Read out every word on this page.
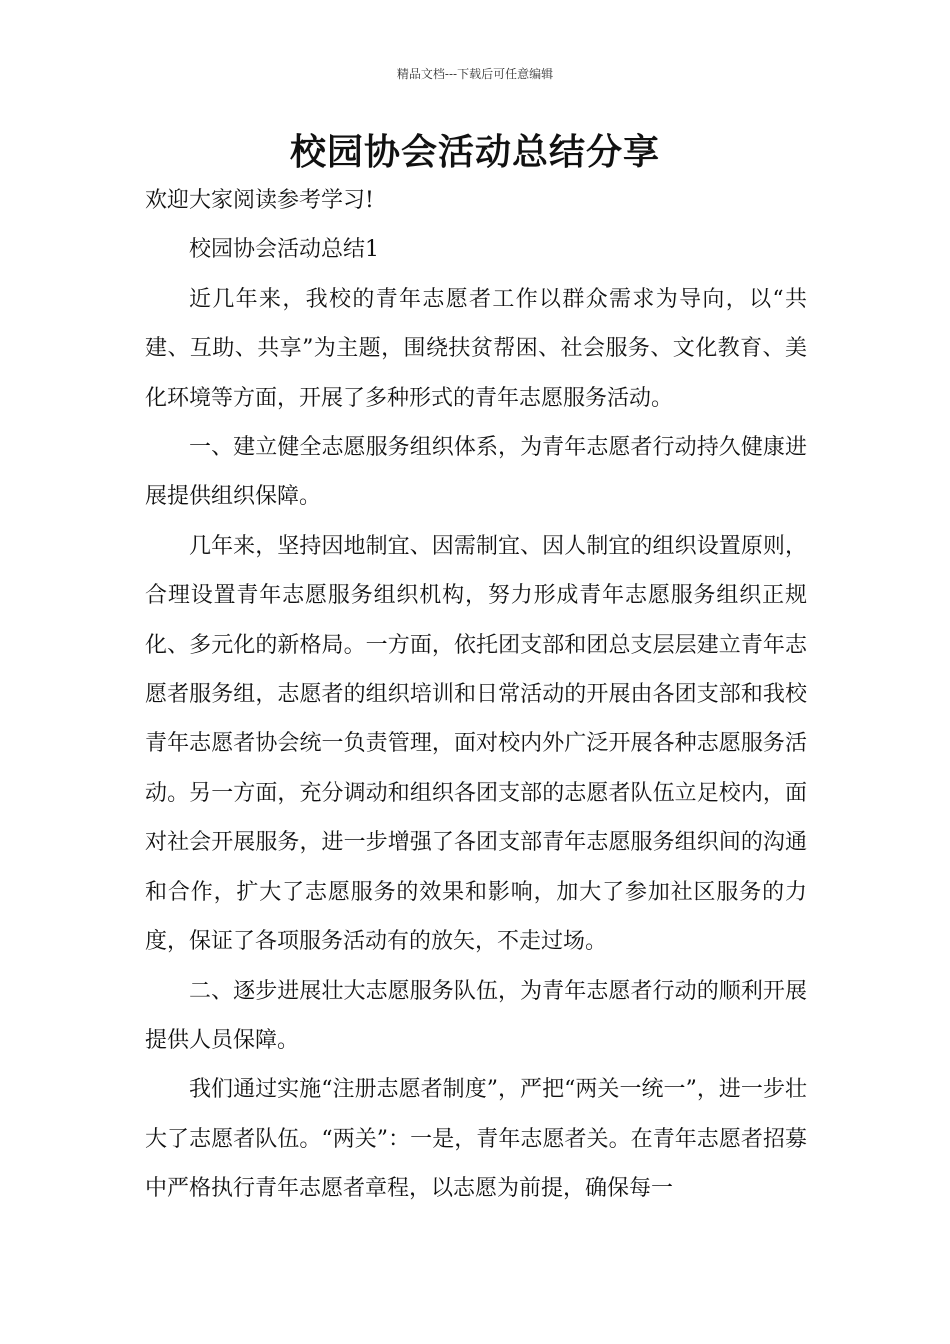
精品文档---下载后可任意编辑
校园协会活动总结分享

欢迎大家阅读参考学习!

校园协会活动总结1

近几年来，我校的青年志愿者工作以群众需求为导向，以“共建、互助、共享”为主题，围绕扶贫帮困、社会服务、文化教育、美化环境等方面，开展了多种形式的青年志愿服务活动。

一、建立健全志愿服务组织体系，为青年志愿者行动持久健康进展提供组织保障。

几年来，坚持因地制宜、因需制宜、因人制宜的组织设置原则，合理设置青年志愿服务组织机构，努力形成青年志愿服务组织正规化、多元化的新格局。一方面，依托团支部和团总支层层建立青年志愿者服务组，志愿者的组织培训和日常活动的开展由各团支部和我校青年志愿者协会统一负责管理，面对校内外广泛开展各种志愿服务活动。另一方面，充分调动和组织各团支部的志愿者队伍立足校内，面对社会开展服务，进一步增强了各团支部青年志愿服务组织间的沟通和合作，扩大了志愿服务的效果和影响，加大了参加社区服务的力度，保证了各项服务活动有的放矢，不走过场。

二、逐步进展壮大志愿服务队伍，为青年志愿者行动的顺利开展提供人员保障。

我们通过实施“注册志愿者制度”，严把“两关一统一”，进一步壮大了志愿者队伍。“两关”：一是，青年志愿者关。在青年志愿者招募中严格执行青年志愿者章程，以志愿为前提，确保每一
